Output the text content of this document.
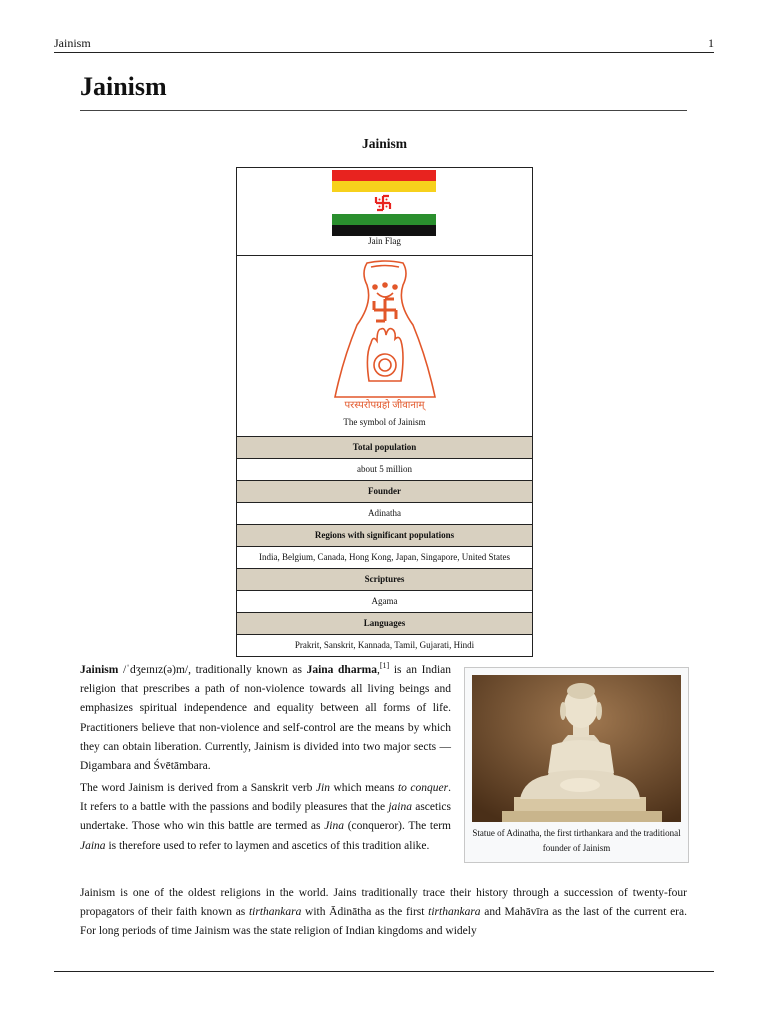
Jainism	1
Jainism
Jainism
Jain Flag
परस्परोपग्रहो जीवानाम्
The symbol of Jainism
Total population
about 5 million
Founder
Adinatha
Regions with significant populations
India, Belgium, Canada, Hong Kong, Japan, Singapore, United States
Scriptures
Agama
Languages
Prakrit, Sanskrit, Kannada, Tamil, Gujarati, Hindi

Jainism /ˈdʒeɪnɪz(ə)m/, traditionally known as Jaina dharma,[1] is an Indian religion that prescribes a path of non-violence towards all living beings and emphasizes spiritual independence and equality between all forms of life. Practitioners believe that non-violence and self-control are the means by which they can obtain liberation. Currently, Jainism is divided into two major sects —Digambara and Śvētāmbara.

The word Jainism is derived from a Sanskrit verb Jin which means to conquer. It refers to a battle with the passions and bodily pleasures that the jaina ascetics undertake. Those who win this battle are termed as Jina (conqueror). The term Jaina is therefore used to refer to laymen and ascetics of this tradition alike.

Statue of Adinatha, the first tirthankara and the traditional founder of Jainism

Jainism is one of the oldest religions in the world. Jains traditionally trace their history through a succession of twenty-four propagators of their faith known as tirthankara with Ādinātha as the first tirthankara and Mahāvīra as the last of the current era. For long periods of time Jainism was the state religion of Indian kingdoms and widely
